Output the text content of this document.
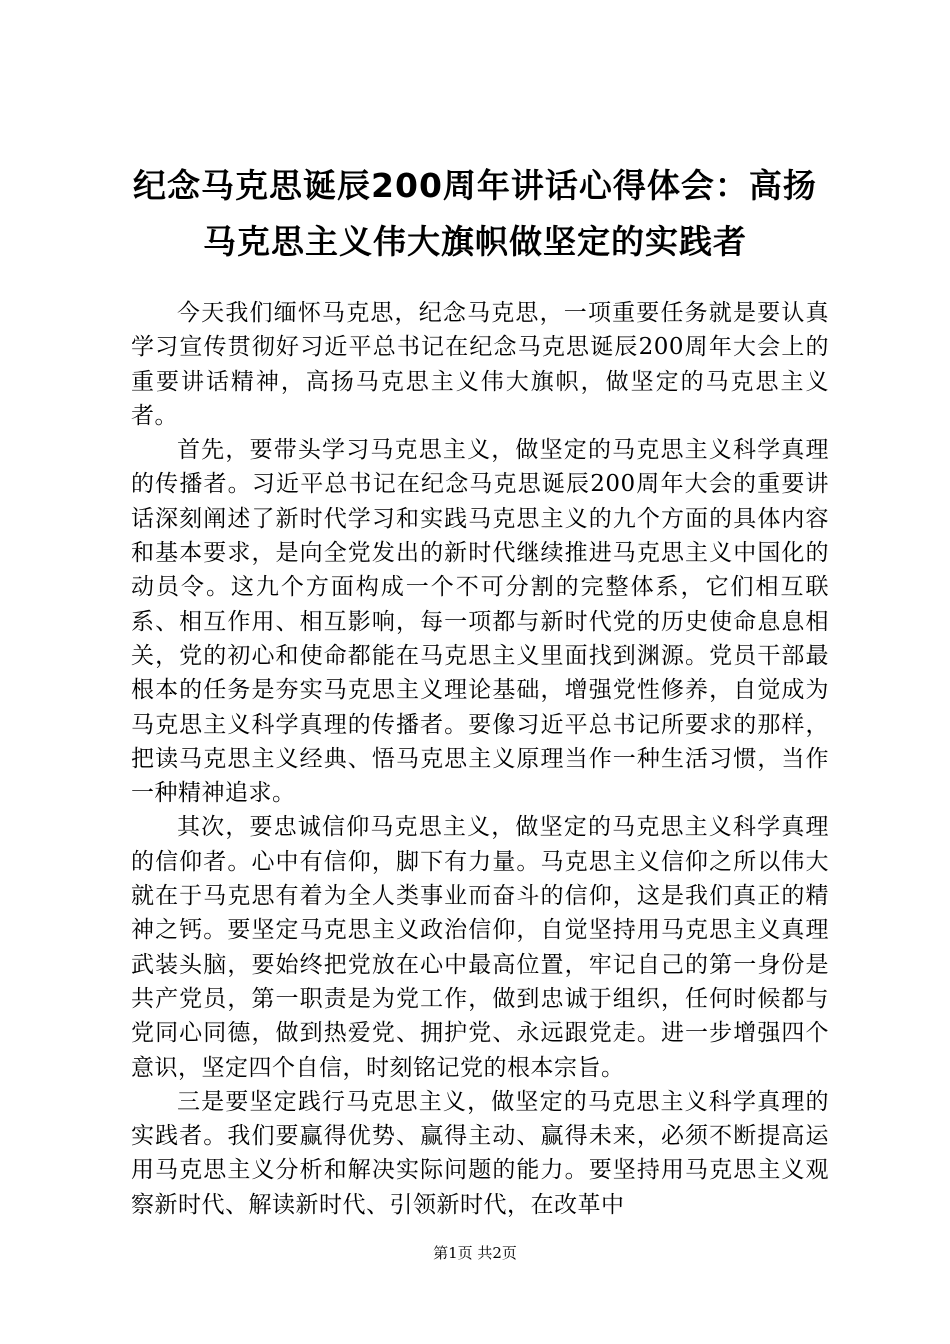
纪念马克思诞辰200周年讲话心得体会：高扬
马克思主义伟大旗帜做坚定的实践者

今天我们缅怀马克思，纪念马克思，一项重要任务就是要认真学习宣传贯彻好习近平总书记在纪念马克思诞辰200周年大会上的重要讲话精神，高扬马克思主义伟大旗帜，做坚定的马克思主义者。

首先，要带头学习马克思主义，做坚定的马克思主义科学真理的传播者。习近平总书记在纪念马克思诞辰200周年大会的重要讲话深刻阐述了新时代学习和实践马克思主义的九个方面的具体内容和基本要求，是向全党发出的新时代继续推进马克思主义中国化的动员令。这九个方面构成一个不可分割的完整体系，它们相互联系、相互作用、相互影响，每一项都与新时代党的历史使命息息相关，党的初心和使命都能在马克思主义里面找到渊源。党员干部最根本的任务是夯实马克思主义理论基础，增强党性修养，自觉成为马克思主义科学真理的传播者。要像习近平总书记所要求的那样，把读马克思主义经典、悟马克思主义原理当作一种生活习惯，当作一种精神追求。

其次，要忠诚信仰马克思主义，做坚定的马克思主义科学真理的信仰者。心中有信仰，脚下有力量。马克思主义信仰之所以伟大就在于马克思有着为全人类事业而奋斗的信仰，这是我们真正的精神之钙。要坚定马克思主义政治信仰，自觉坚持用马克思主义真理武装头脑，要始终把党放在心中最高位置，牢记自己的第一身份是共产党员，第一职责是为党工作，做到忠诚于组织，任何时候都与党同心同德，做到热爱党、拥护党、永远跟党走。进一步增强四个意识，坚定四个自信，时刻铭记党的根本宗旨。

三是要坚定践行马克思主义，做坚定的马克思主义科学真理的实践者。我们要赢得优势、赢得主动、赢得未来，必须不断提高运用马克思主义分析和解决实际问题的能力。要坚持用马克思主义观察新时代、解读新时代、引领新时代，在改革中

第1页 共2页
